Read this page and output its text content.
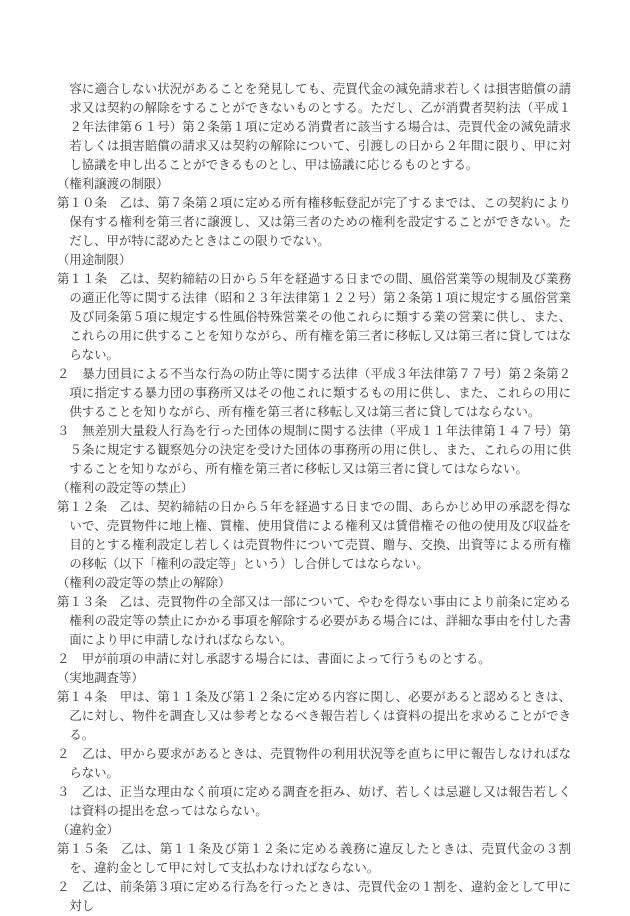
容に適合しない状況があることを発見しても、売買代金の減免請求若しくは損害賠償の請求又は契約の解除をすることができないものとする。ただし、乙が消費者契約法（平成１２年法律第６１号）第２条第１項に定める消費者に該当する場合は、売買代金の減免請求若しくは損害賠償の請求又は契約の解除について、引渡しの日から２年間に限り、甲に対し協議を申し出ることができるものとし、甲は協議に応じるものとする。

（権利譲渡の制限）

第１０条　乙は、第７条第２項に定める所有権移転登記が完了するまでは、この契約により保有する権利を第三者に譲渡し、又は第三者のための権利を設定することができない。ただし、甲が特に認めたときはこの限りでない。

（用途制限）

第１１条　乙は、契約締結の日から５年を経過する日までの間、風俗営業等の規制及び業務の適正化等に関する法律（昭和２３年法律第１２２号）第２条第１項に規定する風俗営業及び同条第５項に規定する性風俗特殊営業その他これらに類する業の営業に供し、また、これらの用に供することを知りながら、所有権を第三者に移転し又は第三者に貸してはならない。

２　暴力団員による不当な行為の防止等に関する法律（平成３年法律第７７号）第２条第２項に指定する暴力団の事務所又はその他これに類するもの用に供し、また、これらの用に供することを知りながら、所有権を第三者に移転し又は第三者に貸してはならない。

３　無差別大量殺人行為を行った団体の規制に関する法律（平成１１年法律第１４７号）第５条に規定する観察処分の決定を受けた団体の事務所の用に供し、また、これらの用に供することを知りながら、所有権を第三者に移転し又は第三者に貸してはならない。

（権利の設定等の禁止）

第１２条　乙は、契約締結の日から５年を経過する日までの間、あらかじめ甲の承認を得ないで、売買物件に地上権、質権、使用貸借による権利又は賃借権その他の使用及び収益を目的とする権利設定し若しくは売買物件について売買、贈与、交換、出資等による所有権の移転（以下「権利の設定等」という）し合併してはならない。

（権利の設定等の禁止の解除）

第１３条　乙は、売買物件の全部又は一部について、やむを得ない事由により前条に定める権利の設定等の禁止にかかる事項を解除する必要がある場合には、詳細な事由を付した書面により甲に申請しなければならない。

２　甲が前項の申請に対し承認する場合には、書面によって行うものとする。

（実地調査等）

第１４条　甲は、第１１条及び第１２条に定める内容に関し、必要があると認めるときは、乙に対し、物件を調査し又は参考となるべき報告若しくは資料の提出を求めることができる。

２　乙は、甲から要求があるときは、売買物件の利用状況等を直ちに甲に報告しなければならない。

３　乙は、正当な理由なく前項に定める調査を拒み、妨げ、若しくは忌避し又は報告若しくは資料の提出を怠ってはならない。

（違約金）

第１５条　乙は、第１１条及び第１２条に定める義務に違反したときは、売買代金の３割を、違約金として甲に対して支払わなければならない。

２　乙は、前条第３項に定める行為を行ったときは、売買代金の１割を、違約金として甲に対し
